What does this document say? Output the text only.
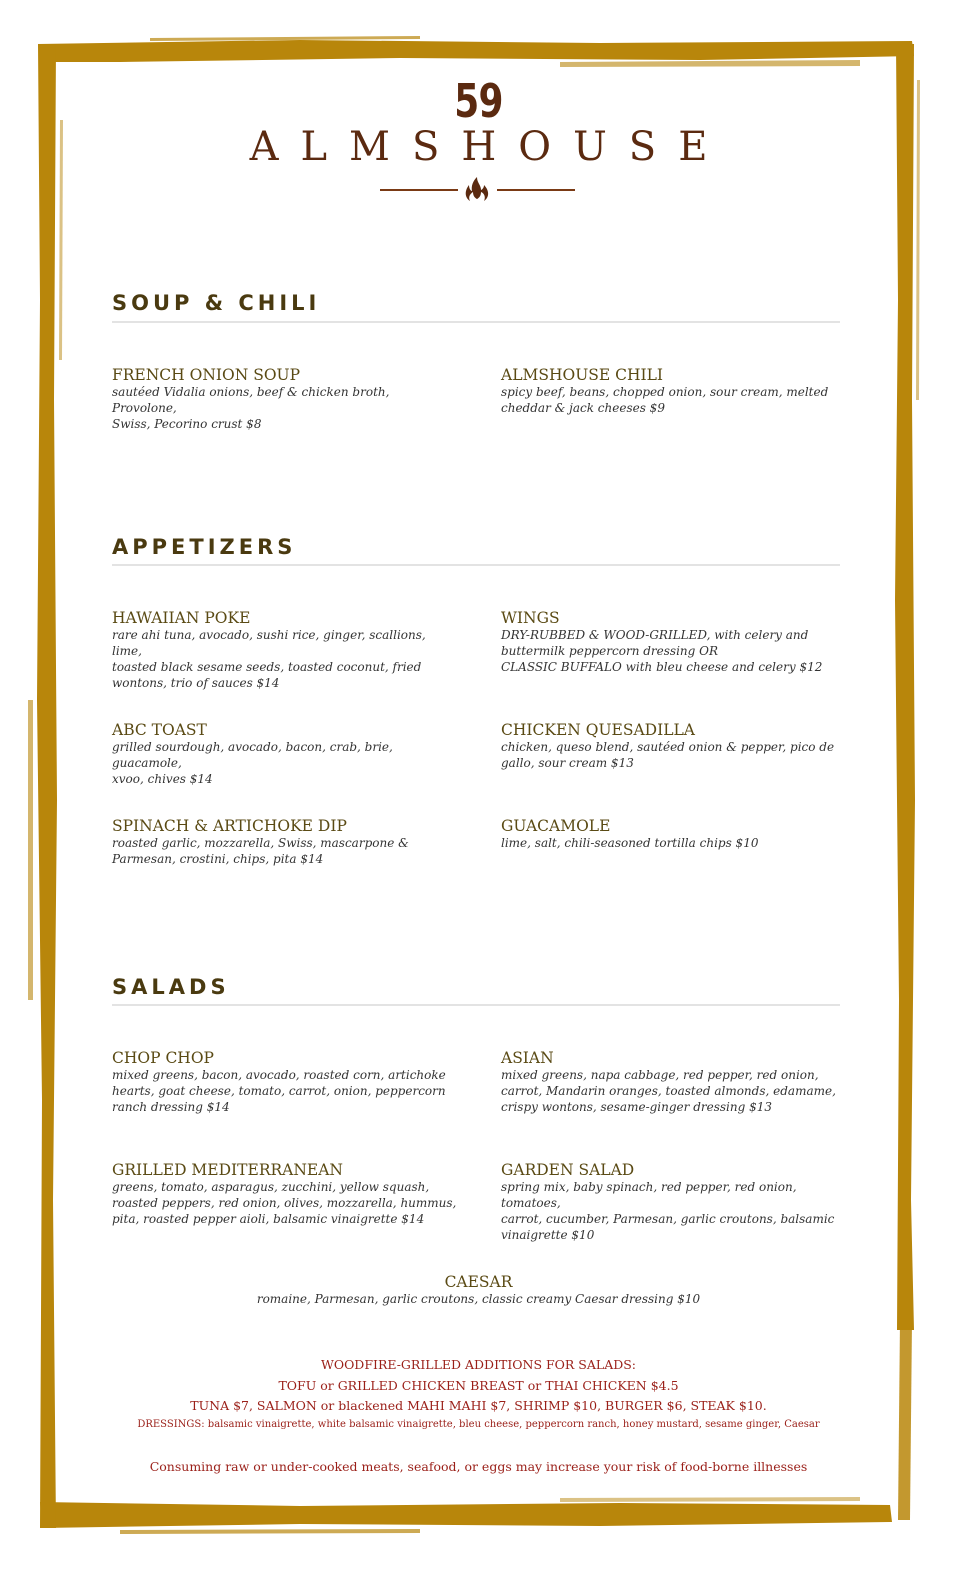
59
ALMSHOUSE
SOUP & CHILI
FRENCH ONION SOUP
sautéed Vidalia onions, beef & chicken broth, Provolone,
Swiss, Pecorino crust $8
ALMSHOUSE CHILI
spicy beef, beans, chopped onion, sour cream, melted
cheddar & jack cheeses $9
APPETIZERS
HAWAIIAN POKE
rare ahi tuna, avocado, sushi rice, ginger, scallions, lime,
toasted black sesame seeds, toasted coconut, fried
wontons, trio of sauces $14
WINGS
DRY-RUBBED & WOOD-GRILLED, with celery and
buttermilk peppercorn dressing OR
CLASSIC BUFFALO with bleu cheese and celery $12
ABC TOAST
grilled sourdough, avocado, bacon, crab, brie, guacamole,
xvoo, chives $14
CHICKEN QUESADILLA
chicken, queso blend, sautéed onion & pepper, pico de
gallo, sour cream $13
SPINACH & ARTICHOKE DIP
roasted garlic, mozzarella, Swiss, mascarpone &
Parmesan, crostini, chips, pita $14
GUACAMOLE
lime, salt, chili-seasoned tortilla chips $10
SALADS
CHOP CHOP
mixed greens, bacon, avocado, roasted corn, artichoke
hearts, goat cheese, tomato, carrot, onion, peppercorn
ranch dressing $14
ASIAN
mixed greens, napa cabbage, red pepper, red onion,
carrot, Mandarin oranges, toasted almonds, edamame,
crispy wontons, sesame-ginger dressing $13
GRILLED MEDITERRANEAN
greens, tomato, asparagus, zucchini, yellow squash,
roasted peppers, red onion, olives, mozzarella, hummus,
pita, roasted pepper aioli, balsamic vinaigrette $14
GARDEN SALAD
spring mix, baby spinach, red pepper, red onion, tomatoes,
carrot, cucumber, Parmesan, garlic croutons, balsamic
vinaigrette $10
CAESAR
romaine, Parmesan, garlic croutons, classic creamy Caesar dressing $10
WOODFIRE-GRILLED ADDITIONS FOR SALADS:
TOFU or GRILLED CHICKEN BREAST or THAI CHICKEN $4.5
TUNA $7, SALMON or blackened MAHI MAHI $7, SHRIMP $10, BURGER $6, STEAK $10.
DRESSINGS: balsamic vinaigrette, white balsamic vinaigrette, bleu cheese, peppercorn ranch, honey mustard, sesame ginger, Caesar
Consuming raw or under-cooked meats, seafood, or eggs may increase your risk of food-borne illnesses
